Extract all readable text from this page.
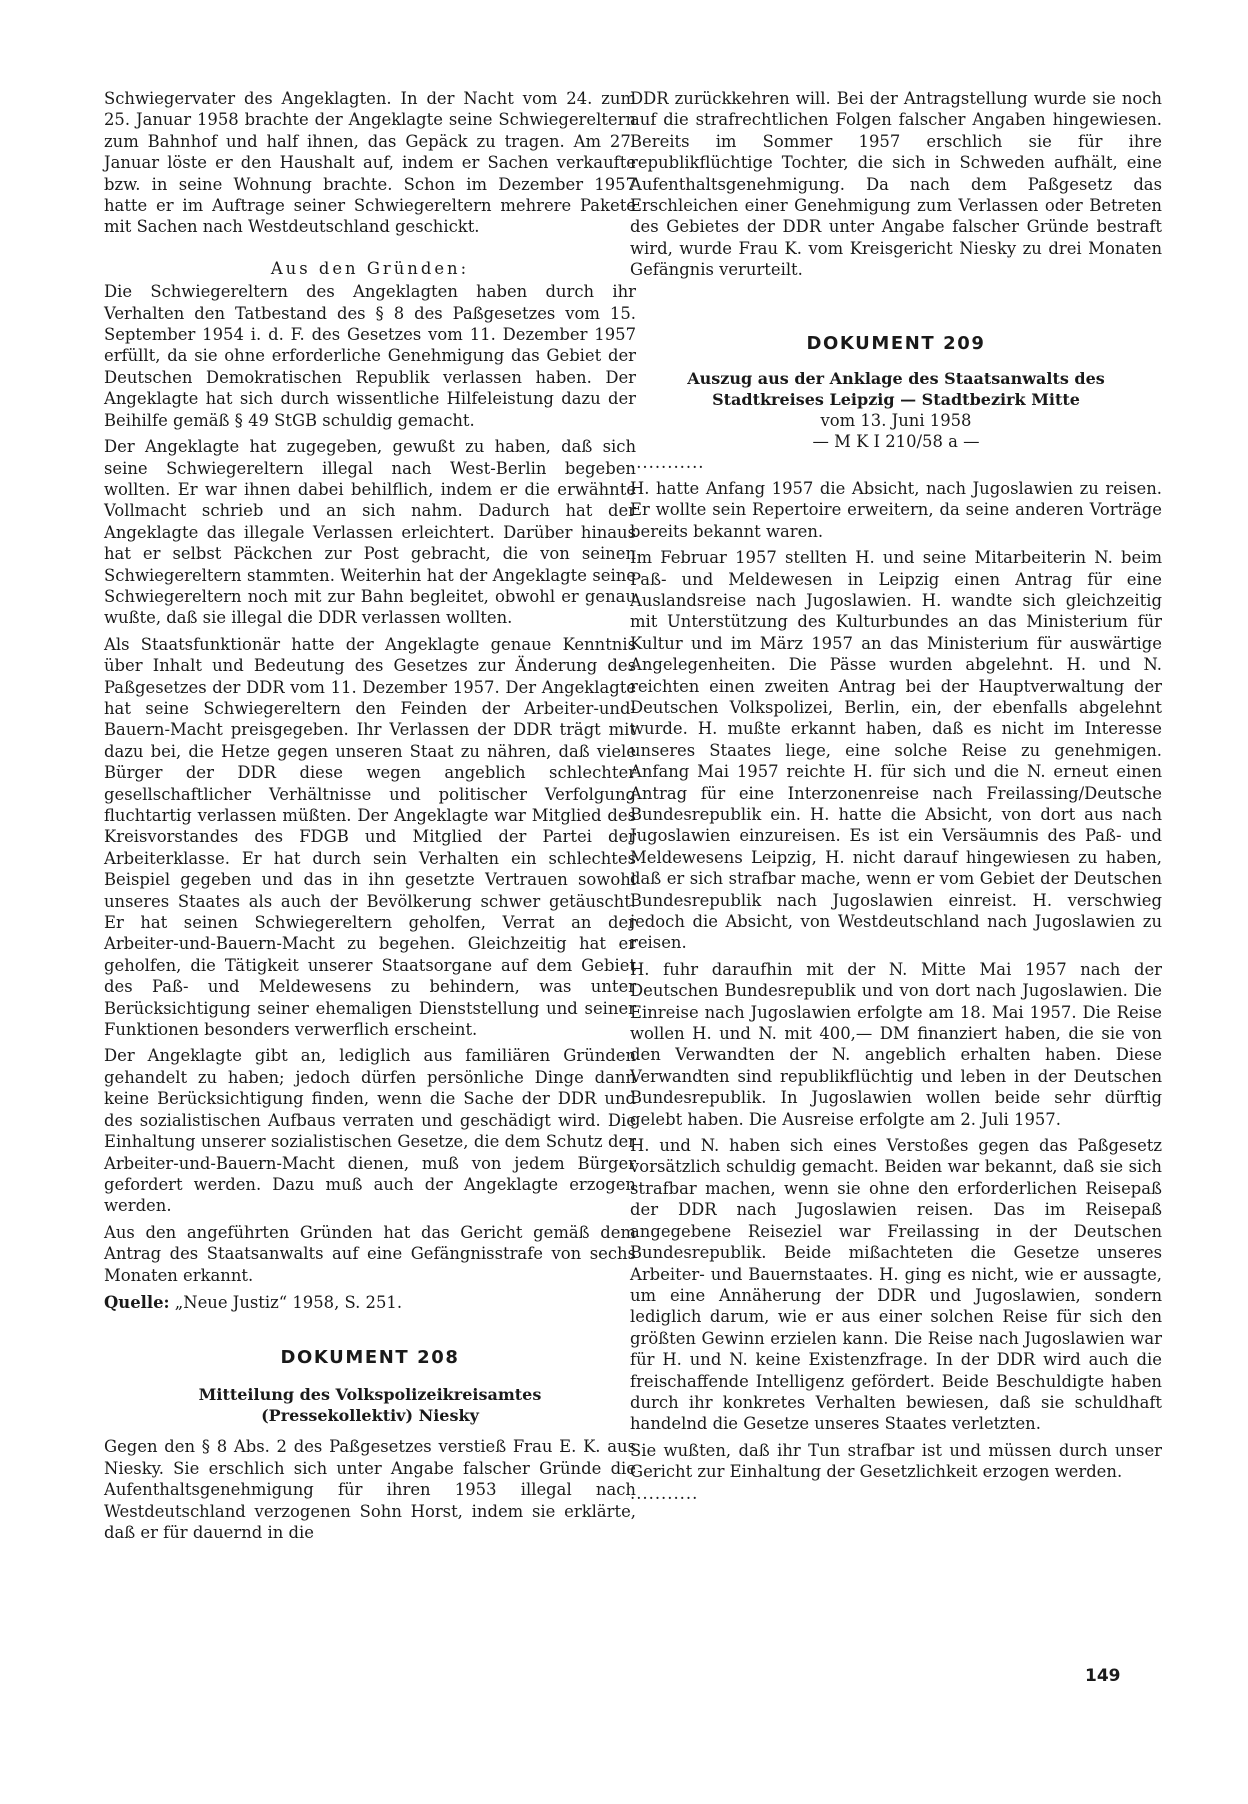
Schwiegervater des Angeklagten. In der Nacht vom 24. zum 25. Januar 1958 brachte der Angeklagte seine Schwiegereltern zum Bahnhof und half ihnen, das Gepäck zu tragen. Am 27. Januar löste er den Haushalt auf, indem er Sachen verkaufte bzw. in seine Wohnung brachte. Schon im Dezember 1957 hatte er im Auftrage seiner Schwiegereltern mehrere Pakete mit Sachen nach Westdeutschland geschickt.

Aus den Gründen:

Die Schwiegereltern des Angeklagten haben durch ihr Verhalten den Tatbestand des § 8 des Paßgesetzes vom 15. September 1954 i. d. F. des Gesetzes vom 11. Dezember 1957 erfüllt, da sie ohne erforderliche Genehmigung das Gebiet der Deutschen Demokratischen Republik verlassen haben. Der Angeklagte hat sich durch wissentliche Hilfeleistung dazu der Beihilfe gemäß § 49 StGB schuldig gemacht.

Der Angeklagte hat zugegeben, gewußt zu haben, daß sich seine Schwiegereltern illegal nach West-Berlin begeben wollten. Er war ihnen dabei behilflich, indem er die erwähnte Vollmacht schrieb und an sich nahm. Dadurch hat der Angeklagte das illegale Verlassen erleichtert. Darüber hinaus hat er selbst Päckchen zur Post gebracht, die von seinen Schwiegereltern stammten. Weiterhin hat der Angeklagte seine Schwiegereltern noch mit zur Bahn begleitet, obwohl er genau wußte, daß sie illegal die DDR verlassen wollten.

Als Staatsfunktionär hatte der Angeklagte genaue Kenntnis über Inhalt und Bedeutung des Gesetzes zur Änderung des Paßgesetzes der DDR vom 11. Dezember 1957. Der Angeklagte hat seine Schwiegereltern den Feinden der Arbeiter-und-Bauern-Macht preisgegeben. Ihr Verlassen der DDR trägt mit dazu bei, die Hetze gegen unseren Staat zu nähren, daß viele Bürger der DDR diese wegen angeblich schlechter gesellschaftlicher Verhältnisse und politischer Verfolgung fluchtartig verlassen müßten. Der Angeklagte war Mitglied des Kreisvorstandes des FDGB und Mitglied der Partei der Arbeiterklasse. Er hat durch sein Verhalten ein schlechtes Beispiel gegeben und das in ihn gesetzte Vertrauen sowohl unseres Staates als auch der Bevölkerung schwer getäuscht. Er hat seinen Schwiegereltern geholfen, Verrat an der Arbeiter-und-Bauern-Macht zu begehen. Gleichzeitig hat er geholfen, die Tätigkeit unserer Staatsorgane auf dem Gebiet des Paß- und Meldewesens zu behindern, was unter Berücksichtigung seiner ehemaligen Dienststellung und seiner Funktionen besonders verwerflich erscheint.

Der Angeklagte gibt an, lediglich aus familiären Gründen gehandelt zu haben; jedoch dürfen persönliche Dinge dann keine Berücksichtigung finden, wenn die Sache der DDR und des sozialistischen Aufbaus verraten und geschädigt wird. Die Einhaltung unserer sozialistischen Gesetze, die dem Schutz der Arbeiter-und-Bauern-Macht dienen, muß von jedem Bürger gefordert werden. Dazu muß auch der Angeklagte erzogen werden.

Aus den angeführten Gründen hat das Gericht gemäß dem Antrag des Staatsanwalts auf eine Gefängnisstrafe von sechs Monaten erkannt.

Quelle: „Neue Justiz“ 1958, S. 251.
DOKUMENT 208
Mitteilung des Volkspolizeikreisamtes
(Pressekollektiv) Niesky

Gegen den § 8 Abs. 2 des Paßgesetzes verstieß Frau E. K. aus Niesky. Sie erschlich sich unter Angabe falscher Gründe die Aufenthaltsgenehmigung für ihren 1953 illegal nach Westdeutschland verzogenen Sohn Horst, indem sie erklärte, daß er für dauernd in die

DDR zurückkehren will. Bei der Antragstellung wurde sie noch auf die strafrechtlichen Folgen falscher Angaben hingewiesen. Bereits im Sommer 1957 erschlich sie für ihre republikflüchtige Tochter, die sich in Schweden aufhält, eine Aufenthaltsgenehmigung. Da nach dem Paßgesetz das Erschleichen einer Genehmigung zum Verlassen oder Betreten des Gebietes der DDR unter Angabe falscher Gründe bestraft wird, wurde Frau K. vom Kreisgericht Niesky zu drei Monaten Gefängnis verurteilt.

DOKUMENT 209
Auszug aus der Anklage des Staatsanwalts des Stadtkreises Leipzig — Stadtbezirk Mitte
vom 13. Juni 1958
— M K I 210/58 a —
............

H. hatte Anfang 1957 die Absicht, nach Jugoslawien zu reisen. Er wollte sein Repertoire erweitern, da seine anderen Vorträge bereits bekannt waren.

Im Februar 1957 stellten H. und seine Mitarbeiterin N. beim Paß- und Meldewesen in Leipzig einen Antrag für eine Auslandsreise nach Jugoslawien. H. wandte sich gleichzeitig mit Unterstützung des Kulturbundes an das Ministerium für Kultur und im März 1957 an das Ministerium für auswärtige Angelegenheiten. Die Pässe wurden abgelehnt. H. und N. reichten einen zweiten Antrag bei der Hauptverwaltung der Deutschen Volkspolizei, Berlin, ein, der ebenfalls abgelehnt wurde. H. mußte erkannt haben, daß es nicht im Interesse unseres Staates liege, eine solche Reise zu genehmigen. Anfang Mai 1957 reichte H. für sich und die N. erneut einen Antrag für eine Interzonenreise nach Freilassing/Deutsche Bundesrepublik ein. H. hatte die Absicht, von dort aus nach Jugoslawien einzureisen. Es ist ein Versäumnis des Paß- und Meldewesens Leipzig, H. nicht darauf hingewiesen zu haben, daß er sich strafbar mache, wenn er vom Gebiet der Deutschen Bundesrepublik nach Jugoslawien einreist. H. verschwieg jedoch die Absicht, von Westdeutschland nach Jugoslawien zu reisen.

H. fuhr daraufhin mit der N. Mitte Mai 1957 nach der Deutschen Bundesrepublik und von dort nach Jugoslawien. Die Einreise nach Jugoslawien erfolgte am 18. Mai 1957. Die Reise wollen H. und N. mit 400,— DM finanziert haben, die sie von den Verwandten der N. angeblich erhalten haben. Diese Verwandten sind republikflüchtig und leben in der Deutschen Bundesrepublik. In Jugoslawien wollen beide sehr dürftig gelebt haben. Die Ausreise erfolgte am 2. Juli 1957.

H. und N. haben sich eines Verstoßes gegen das Paßgesetz vorsätzlich schuldig gemacht. Beiden war bekannt, daß sie sich strafbar machen, wenn sie ohne den erforderlichen Reisepaß der DDR nach Jugoslawien reisen. Das im Reisepaß angegebene Reiseziel war Freilassing in der Deutschen Bundesrepublik. Beide mißachteten die Gesetze unseres Arbeiter- und Bauernstaates. H. ging es nicht, wie er aussagte, um eine Annäherung der DDR und Jugoslawien, sondern lediglich darum, wie er aus einer solchen Reise für sich den größten Gewinn erzielen kann. Die Reise nach Jugoslawien war für H. und N. keine Existenzfrage. In der DDR wird auch die freischaffende Intelligenz gefördert. Beide Beschuldigte haben durch ihr konkretes Verhalten bewiesen, daß sie schuldhaft handelnd die Gesetze unseres Staates verletzten.

Sie wußten, daß ihr Tun strafbar ist und müssen durch unser Gericht zur Einhaltung der Gesetzlichkeit erzogen werden.

...........
149
